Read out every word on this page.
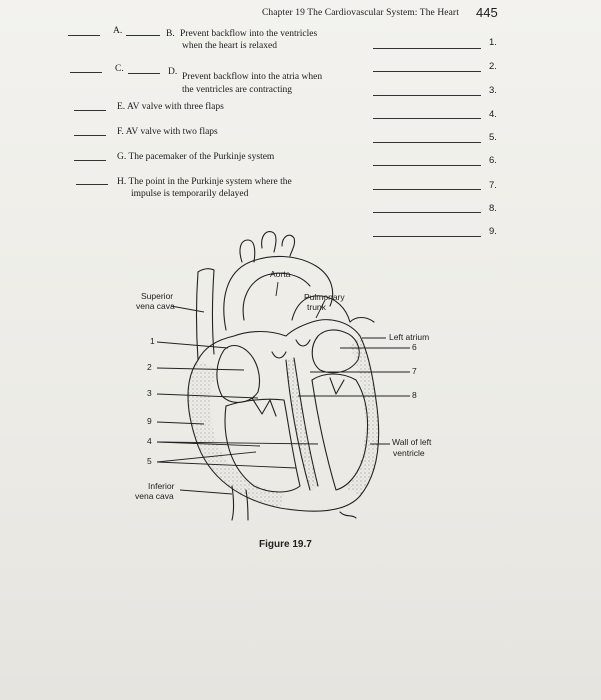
Chapter 19 The Cardiovascular System: The Heart 445
A.	B. Prevent backflow into the ventricles
when the heart is relaxed
C.	D. Prevent backflow into the atria when
the ventricles are contracting
E. AV valve with three flaps
F. AV valve with two flaps
G. The pacemaker of the Purkinje system
H. The point in the Purkinje system where the
impulse is temporarily delayed
1.
2.
3.
4.
5.
6.
7.
8.
9.
Aorta
Pulmonary
trunk
Superior
vena cava
Left atrium
Wall of left
ventricle
Inferior
vena cava
1
2
3
9
4
5
6
7
8
Figure 19.7
